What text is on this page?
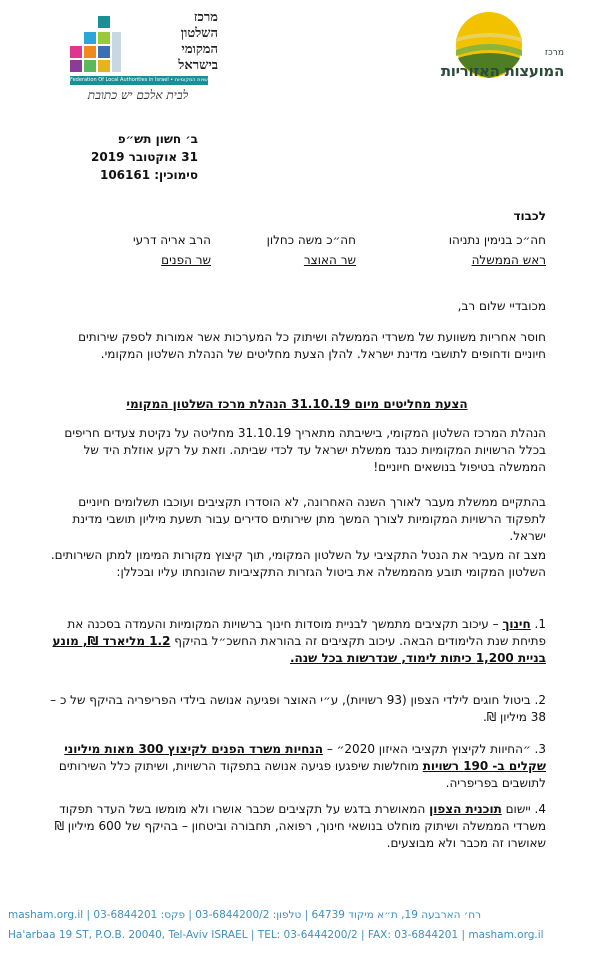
מרכז
המועצות האזוריות
מרכז
השלטון
המקומי
בישראל
Federation Of Local Authorities in Israel • פדרציית הרשויות המקומיות
לבית אלכם יש כתובת
ב׳ חשון תש״פ
31 אוקטובר 2019
סימוכין: 106161
לכבוד
חה״כ בנימין נתניהו
ראש הממשלה
חה״כ משה כחלון
שר האוצר
הרב אריה דרעי
שר הפנים
מכובדיי שלום רב,
חוסר אחריות משוועת של משרדי הממשלה ושיתוק כל המערכות אשר אמורות לספק שירותים חיוניים ודחופים לתושבי מדינת ישראל. להלן הצעת מחליטים של הנהלת השלטון המקומי.
הצעת מחליטים מיום 31.10.19 הנהלת מרכז השלטון המקומי
הנהלת המרכז השלטון המקומי, בישיבתה מתאריך 31.10.19 מחליטה על נקיטת צעדים חריפים בכלל הרשויות המקומיות כנגד ממשלת ישראל עד לכדי שביתה. וזאת על רקע אוזלת היד של הממשלה בטיפול בנושאים חיוניים!
בהתקיים ממשלת מעבר לאורך השנה האחרונה, לא הוסדרו תקציבים ועוכבו תשלומים חיוניים לתפקוד הרשויות המקומיות לצורך המשך מתן שירותים סדירים עבור תשעת מיליון תושבי מדינת ישראל.
מצב זה מעביר את הנטל התקציבי על השלטון המקומי, תוך קיצוץ מקורות המימון למתן השירותים. השלטון המקומי תובע מהממשלה את ביטול הגזרות התקציביות שהונחתו עליו ובכללן:
1. חינוך – עיכוב תקציבים מתמשך לבניית מוסדות חינוך ברשויות המקומיות והעמדה בסכנה את פתיחת שנת הלימודים הבאה. עיכוב תקציבים זה בהוראת החשכ״ל בהיקף 1.2 מליארד ₪, מונע בניית 1,200 כיתות לימוד, שנדרשות בכל שנה.
2. ביטול חוגים לילדי הצפון (93 רשויות), ע״י האוצר ופגיעה אנושה בילדי הפריפריה בהיקף של כ – 38 מיליון ₪.
3. ״החיוות לקיצוץ תקציבי האיזון 2020״ – הנחיות משרד הפנים לקיצוץ 300 מאות מיליוני שקלים ב- 190 רשויות מוחלשות שיפגעו פגיעה אנושה בתפקוד הרשויות, ושיתוק כלל השירותים לתושבים בפריפריה.
4. יישום תוכנית הצפון המאושרת בדגש על תקציבים שכבר אושרו ולא מומשו בשל העדר תפקוד משרדי הממשלה ושיתוק מוחלט בנושאי חינוך, רפואה, תחבורה וביטחון – בהיקף של 600 מיליון ₪ שאושרו זה מכבר ולא מבוצעים.
רח׳ הארבעה 19, ת״א מיקוד 64739 | טלפון: 03-6844200/2 | פקס: 03-6844201 | masham.org.il
Ha'arbaa 19 ST, P.O.B. 20040, Tel-Aviv ISRAEL | TEL: 03-6444200/2 | FAX: 03-6844201 | masham.org.il
